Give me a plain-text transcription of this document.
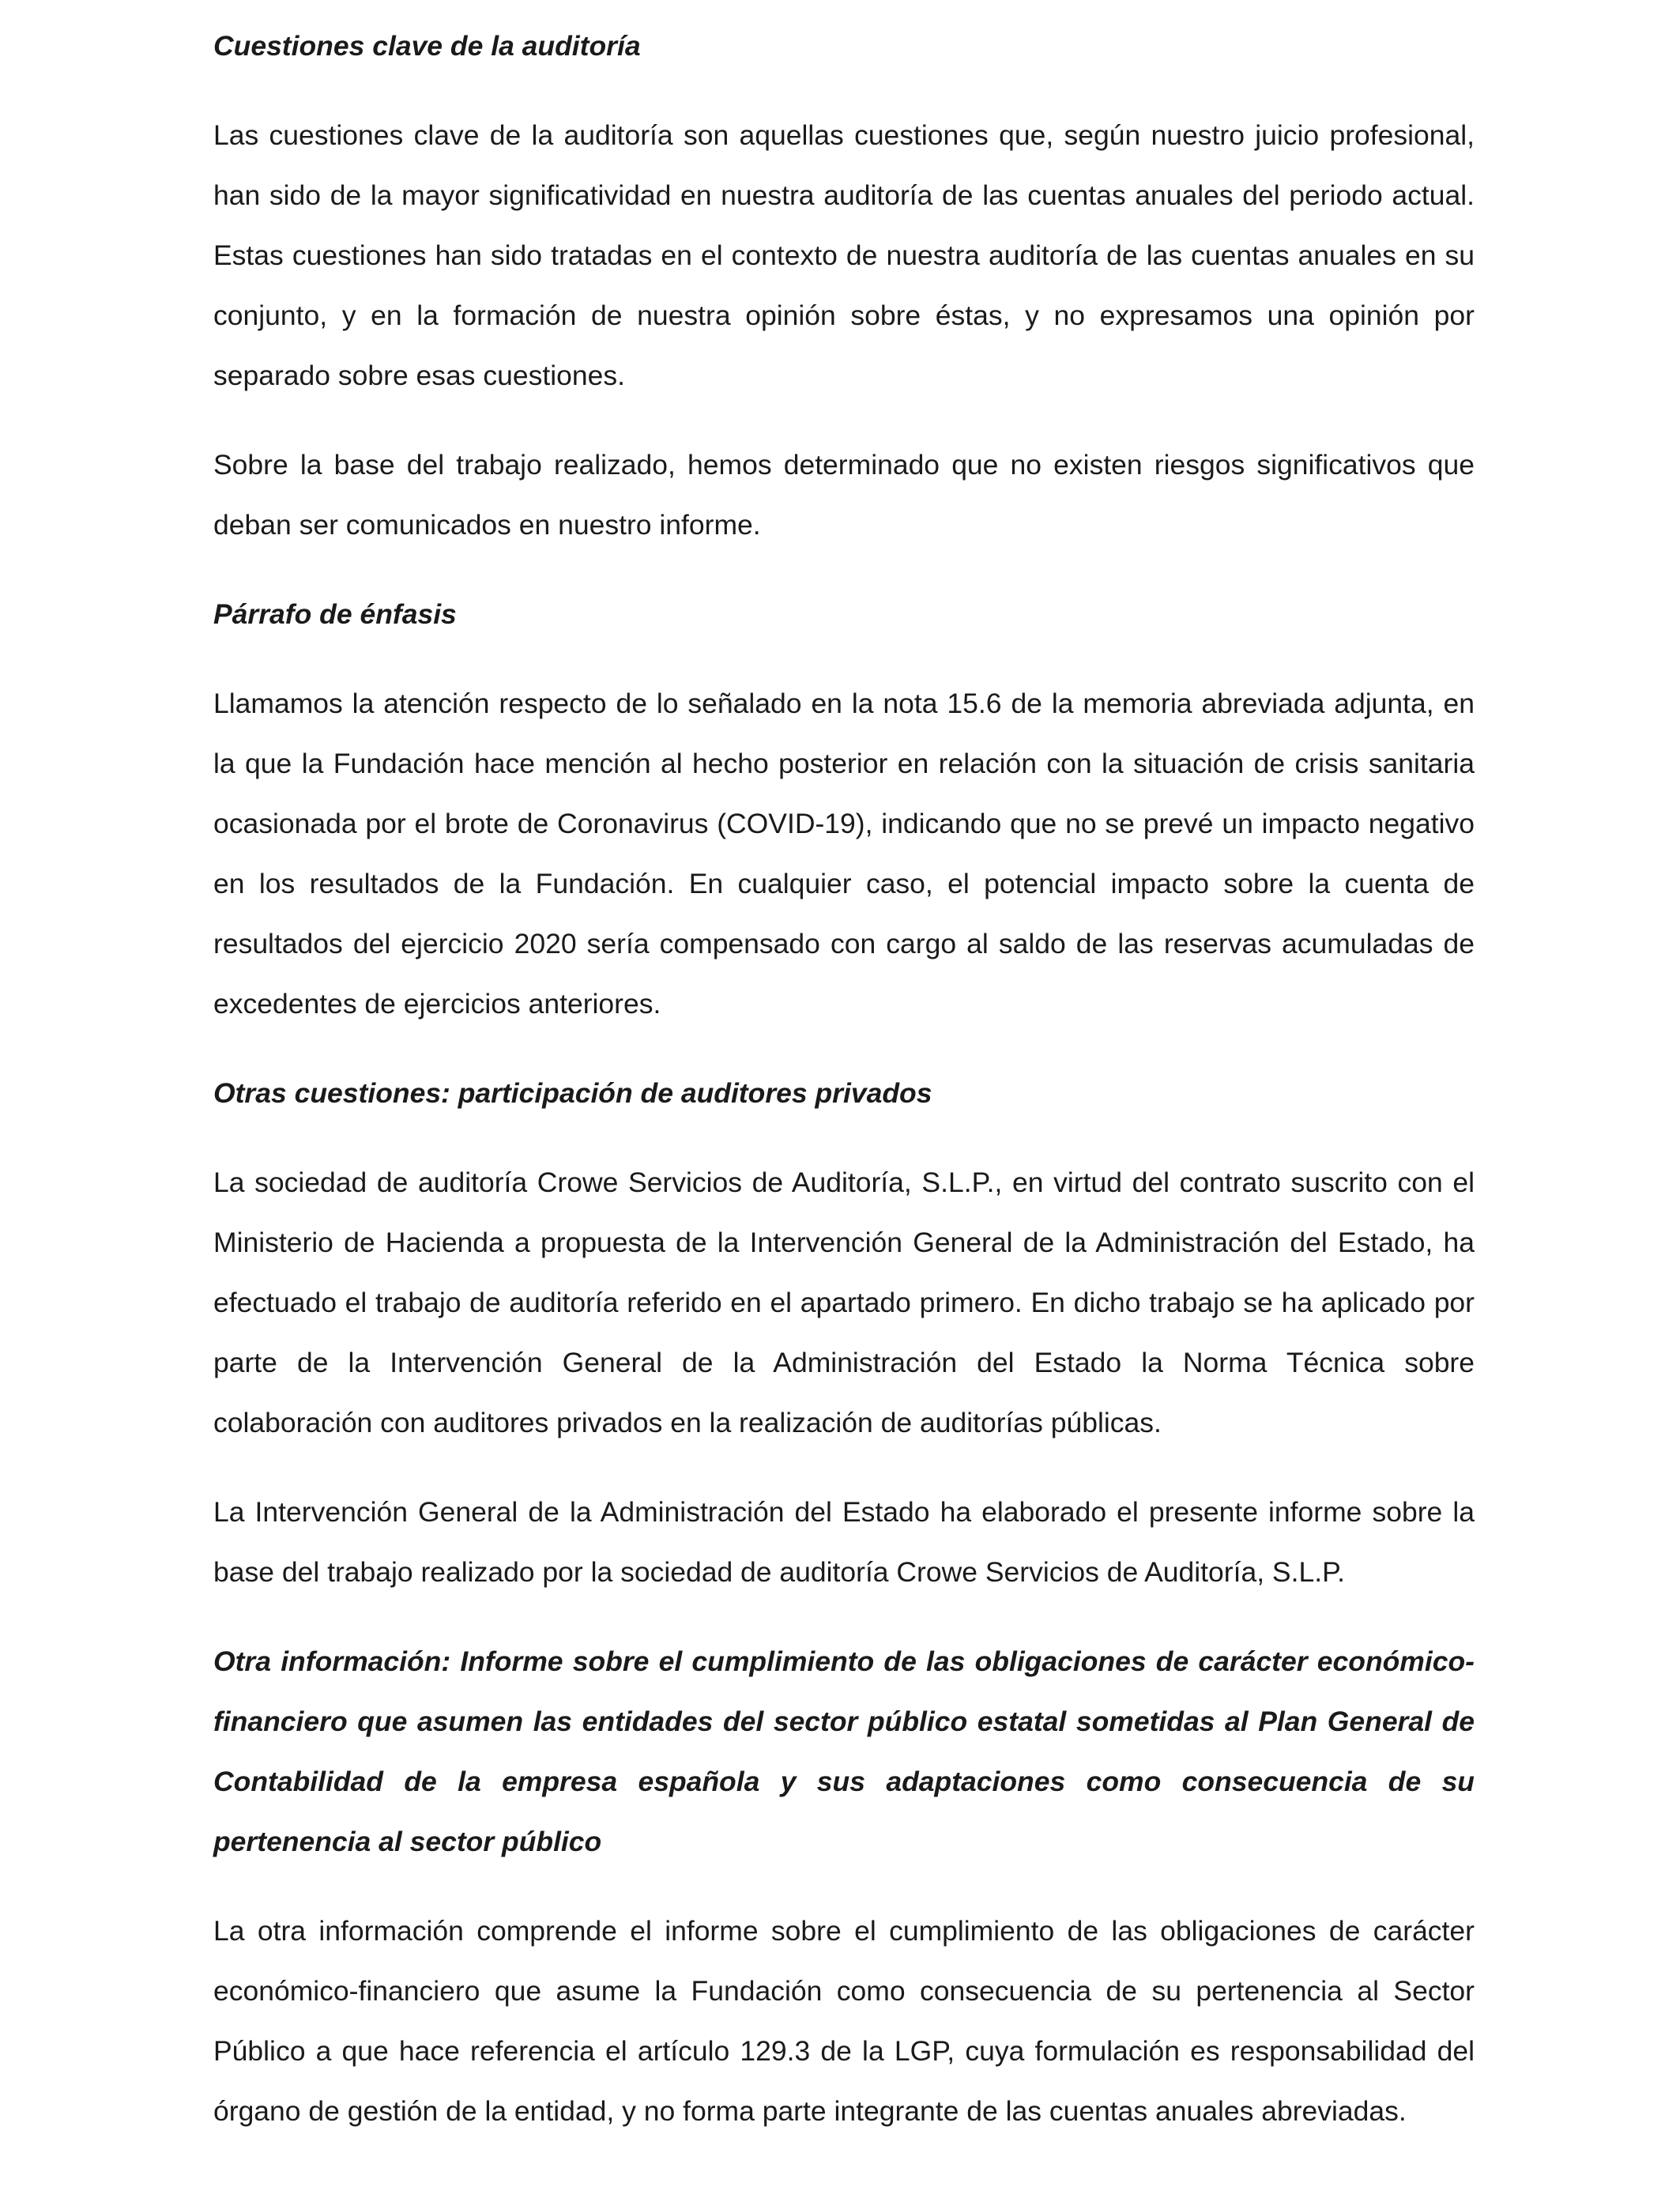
Cuestiones clave de la auditoría

Las cuestiones clave de la auditoría son aquellas cuestiones que, según nuestro juicio profesional, han sido de la mayor significatividad en nuestra auditoría de las cuentas anuales del periodo actual. Estas cuestiones han sido tratadas en el contexto de nuestra auditoría de las cuentas anuales en su conjunto, y en la formación de nuestra opinión sobre éstas, y no expresamos una opinión por separado sobre esas cuestiones.

Sobre la base del trabajo realizado, hemos determinado que no existen riesgos significativos que deban ser comunicados en nuestro informe.

Párrafo de énfasis

Llamamos la atención respecto de lo señalado en la nota 15.6 de la memoria abreviada adjunta, en la que la Fundación hace mención al hecho posterior en relación con la situación de crisis sanitaria ocasionada por el brote de Coronavirus (COVID-19), indicando que no se prevé un impacto negativo en los resultados de la Fundación. En cualquier caso, el potencial impacto sobre la cuenta de resultados del ejercicio 2020 sería compensado con cargo al saldo de las reservas acumuladas de excedentes de ejercicios anteriores.

Otras cuestiones: participación de auditores privados

La sociedad de auditoría Crowe Servicios de Auditoría, S.L.P., en virtud del contrato suscrito con el Ministerio de Hacienda a propuesta de la Intervención General de la Administración del Estado, ha efectuado el trabajo de auditoría referido en el apartado primero. En dicho trabajo se ha aplicado por parte de la Intervención General de la Administración del Estado la Norma Técnica sobre colaboración con auditores privados en la realización de auditorías públicas.

La Intervención General de la Administración del Estado ha elaborado el presente informe sobre la base del trabajo realizado por la sociedad de auditoría Crowe Servicios de Auditoría, S.L.P.

Otra información: Informe sobre el cumplimiento de las obligaciones de carácter económico-financiero que asumen las entidades del sector público estatal sometidas al Plan General de Contabilidad de la empresa española y sus adaptaciones como consecuencia de su pertenencia al sector público

La otra información comprende el informe sobre el cumplimiento de las obligaciones de carácter económico-financiero que asume la Fundación como consecuencia de su pertenencia al Sector Público a que hace referencia el artículo 129.3 de la LGP, cuya formulación es responsabilidad del órgano de gestión de la entidad, y no forma parte integrante de las cuentas anuales abreviadas.
